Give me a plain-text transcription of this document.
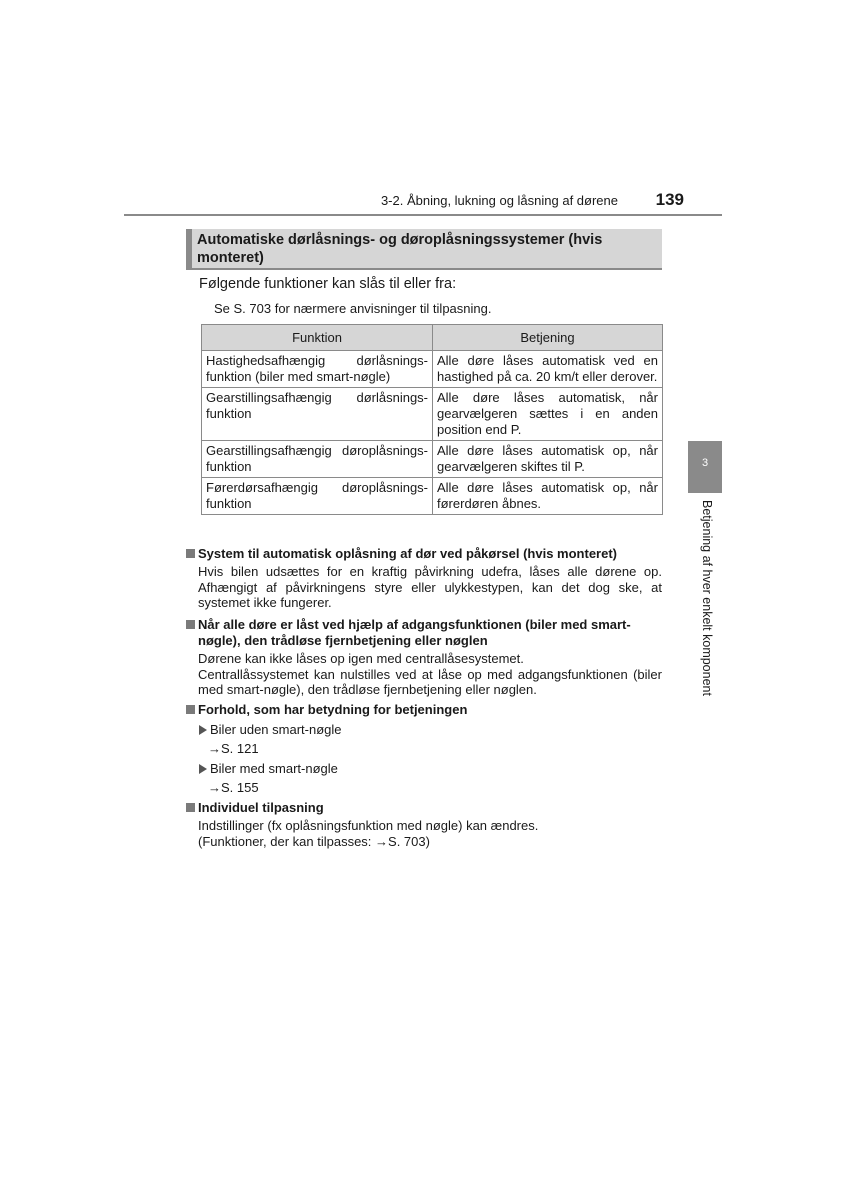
3-2. Åbning, lukning og låsning af dørene	139
Automatiske dørlåsnings- og døroplåsningssystemer (hvis monteret)
Følgende funktioner kan slås til eller fra:
Se S. 703 for nærmere anvisninger til tilpasning.
Funktion	Betjening
Hastighedsafhængig dørlåsnings-funktion (biler med smart-nøgle)	Alle døre låses automatisk ved en hastighed på ca. 20 km/t eller derover.
Gearstillingsafhængig dørlåsnings-funktion	Alle døre låses automatisk, når gearvælgeren sættes i en anden position end P.
Gearstillingsafhængig døroplåsnings-funktion	Alle døre låses automatisk op, når gearvælgeren skiftes til P.
Førerdørsafhængig døroplåsnings-funktion	Alle døre låses automatisk op, når førerdøren åbnes.
3
Betjening af hver enkelt komponent
System til automatisk oplåsning af dør ved påkørsel (hvis monteret)
Hvis bilen udsættes for en kraftig påvirkning udefra, låses alle dørene op. Afhængigt af påvirkningens styre eller ulykkestypen, kan det dog ske, at systemet ikke fungerer.
Når alle døre er låst ved hjælp af adgangsfunktionen (biler med smart-nøgle), den trådløse fjernbetjening eller nøglen
Dørene kan ikke låses op igen med centrallåsesystemet.
Centrallåssystemet kan nulstilles ved at låse op med adgangsfunktionen (biler med smart-nøgle), den trådløse fjernbetjening eller nøglen.
Forhold, som har betydning for betjeningen
Biler uden smart-nøgle
→S. 121
Biler med smart-nøgle
→S. 155
Individuel tilpasning
Indstillinger (fx oplåsningsfunktion med nøgle) kan ændres.
(Funktioner, der kan tilpasses: →S. 703)
